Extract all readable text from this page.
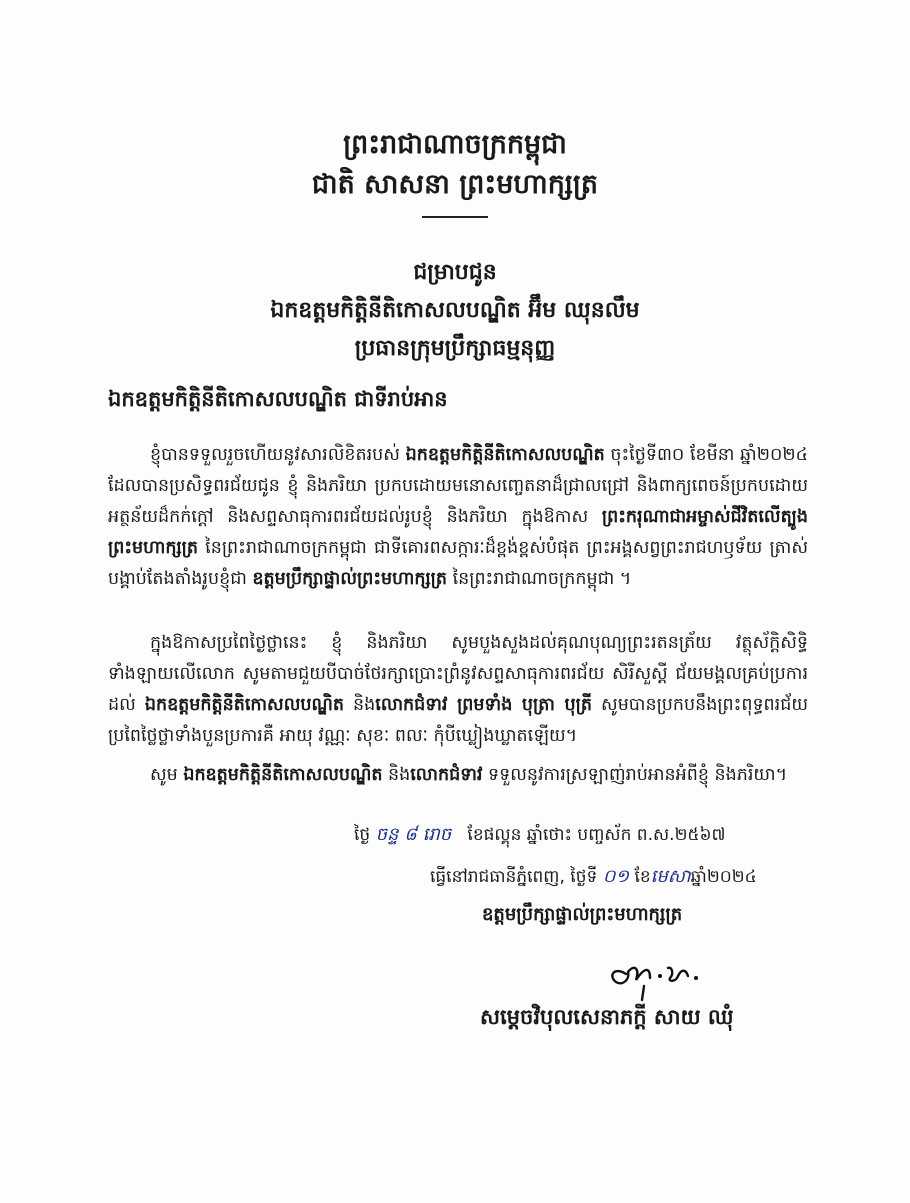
ព្រះរាជាណាចក្រកម្ពុជា
ជាតិ សាសនា ព្រះមហាក្សត្រ
ជម្រាបជូន
ឯកឧត្តមកិត្តិនីតិកោសលបណ្ឌិត អ៊ឹម ឈុនលឹម
ប្រធានក្រុមប្រឹក្សាធម្មនុញ្ញ
ឯកឧត្តមកិត្តិនីតិកោសលបណ្ឌិត ជាទីរាប់អាន
ខ្ញុំបានទទួលរួចហើយនូវសារលិខិតរបស់ ឯកឧត្តមកិត្តិនីតិកោសលបណ្ឌិត ចុះថ្ងៃទី៣០ ខែមីនា ឆ្នាំ២០២៤ ដែលបានប្រសិទ្ធពរជ័យជូន ខ្ញុំ និងភរិយា ប្រកបដោយមនោសញ្ចេតនាដ៏ជ្រាលជ្រៅ និងពាក្យពេចន៍ប្រកបដោយអត្ថន័យដ៏កក់ក្តៅ និងសព្ទសាធុការពរជ័យដល់រូបខ្ញុំ និងភរិយា ក្នុងឱកាស ព្រះករុណាជាអម្ចាស់ជីវិតលើត្បូង ព្រះមហាក្សត្រ នៃព្រះរាជាណាចក្រកម្ពុជា ជាទីគោរពសក្ការៈដ៏ខ្ពង់ខ្ពស់បំផុត ព្រះអង្គសព្វព្រះរាជហឫទ័យ ត្រាស់បង្គាប់តែងតាំងរូបខ្ញុំជា ឧត្តមប្រឹក្សាផ្ទាល់ព្រះមហាក្សត្រ នៃព្រះរាជាណាចក្រកម្ពុជា ។
ក្នុងឱកាសប្រពៃថ្ងៃថ្លានេះ ខ្ញុំ និងភរិយា សូមបួងសួងដល់គុណបុណ្យព្រះរតនត្រ័យ វត្ថុស័ក្តិសិទ្ធិទាំងឡាយលើលោក សូមតាមជួយបីបាច់ថែរក្សាប្រោះព្រំនូវសព្ទសាធុការពរជ័យ សិរីសួស្តី ជ័យមង្គលគ្រប់ប្រការដល់ ឯកឧត្តមកិត្តិនីតិកោសលបណ្ឌិត និងលោកជំទាវ ព្រមទាំង បុត្រា បុត្រី សូមបានប្រកបនឹងព្រះពុទ្ធពរជ័យប្រពៃថ្លៃថ្លាទាំងបួនប្រការគឺ អាយុ វណ្ណៈ សុខៈ ពលៈ កុំបីឃ្លៀងឃ្លាតឡើយ។
សូម ឯកឧត្តមកិត្តិនីតិកោសលបណ្ឌិត និងលោកជំទាវ ទទួលនូវការស្រឡាញ់រាប់អានអំពីខ្ញុំ និងភរិយា។
ថ្ងៃ ចន្ទ ៨ រោច ខែផល្គុន ឆ្នាំថោះ បញ្ចស័ក ព.ស.២៥៦៧
ធ្វើនៅរាជធានីភ្នំពេញ, ថ្ងៃទី ០១ ខែមេសាឆ្នាំ២០២៤
ឧត្តមប្រឹក្សាផ្ទាល់ព្រះមហាក្សត្រ
សម្តេចវិបុលសេនាភក្តី សាយ ឈុំ
